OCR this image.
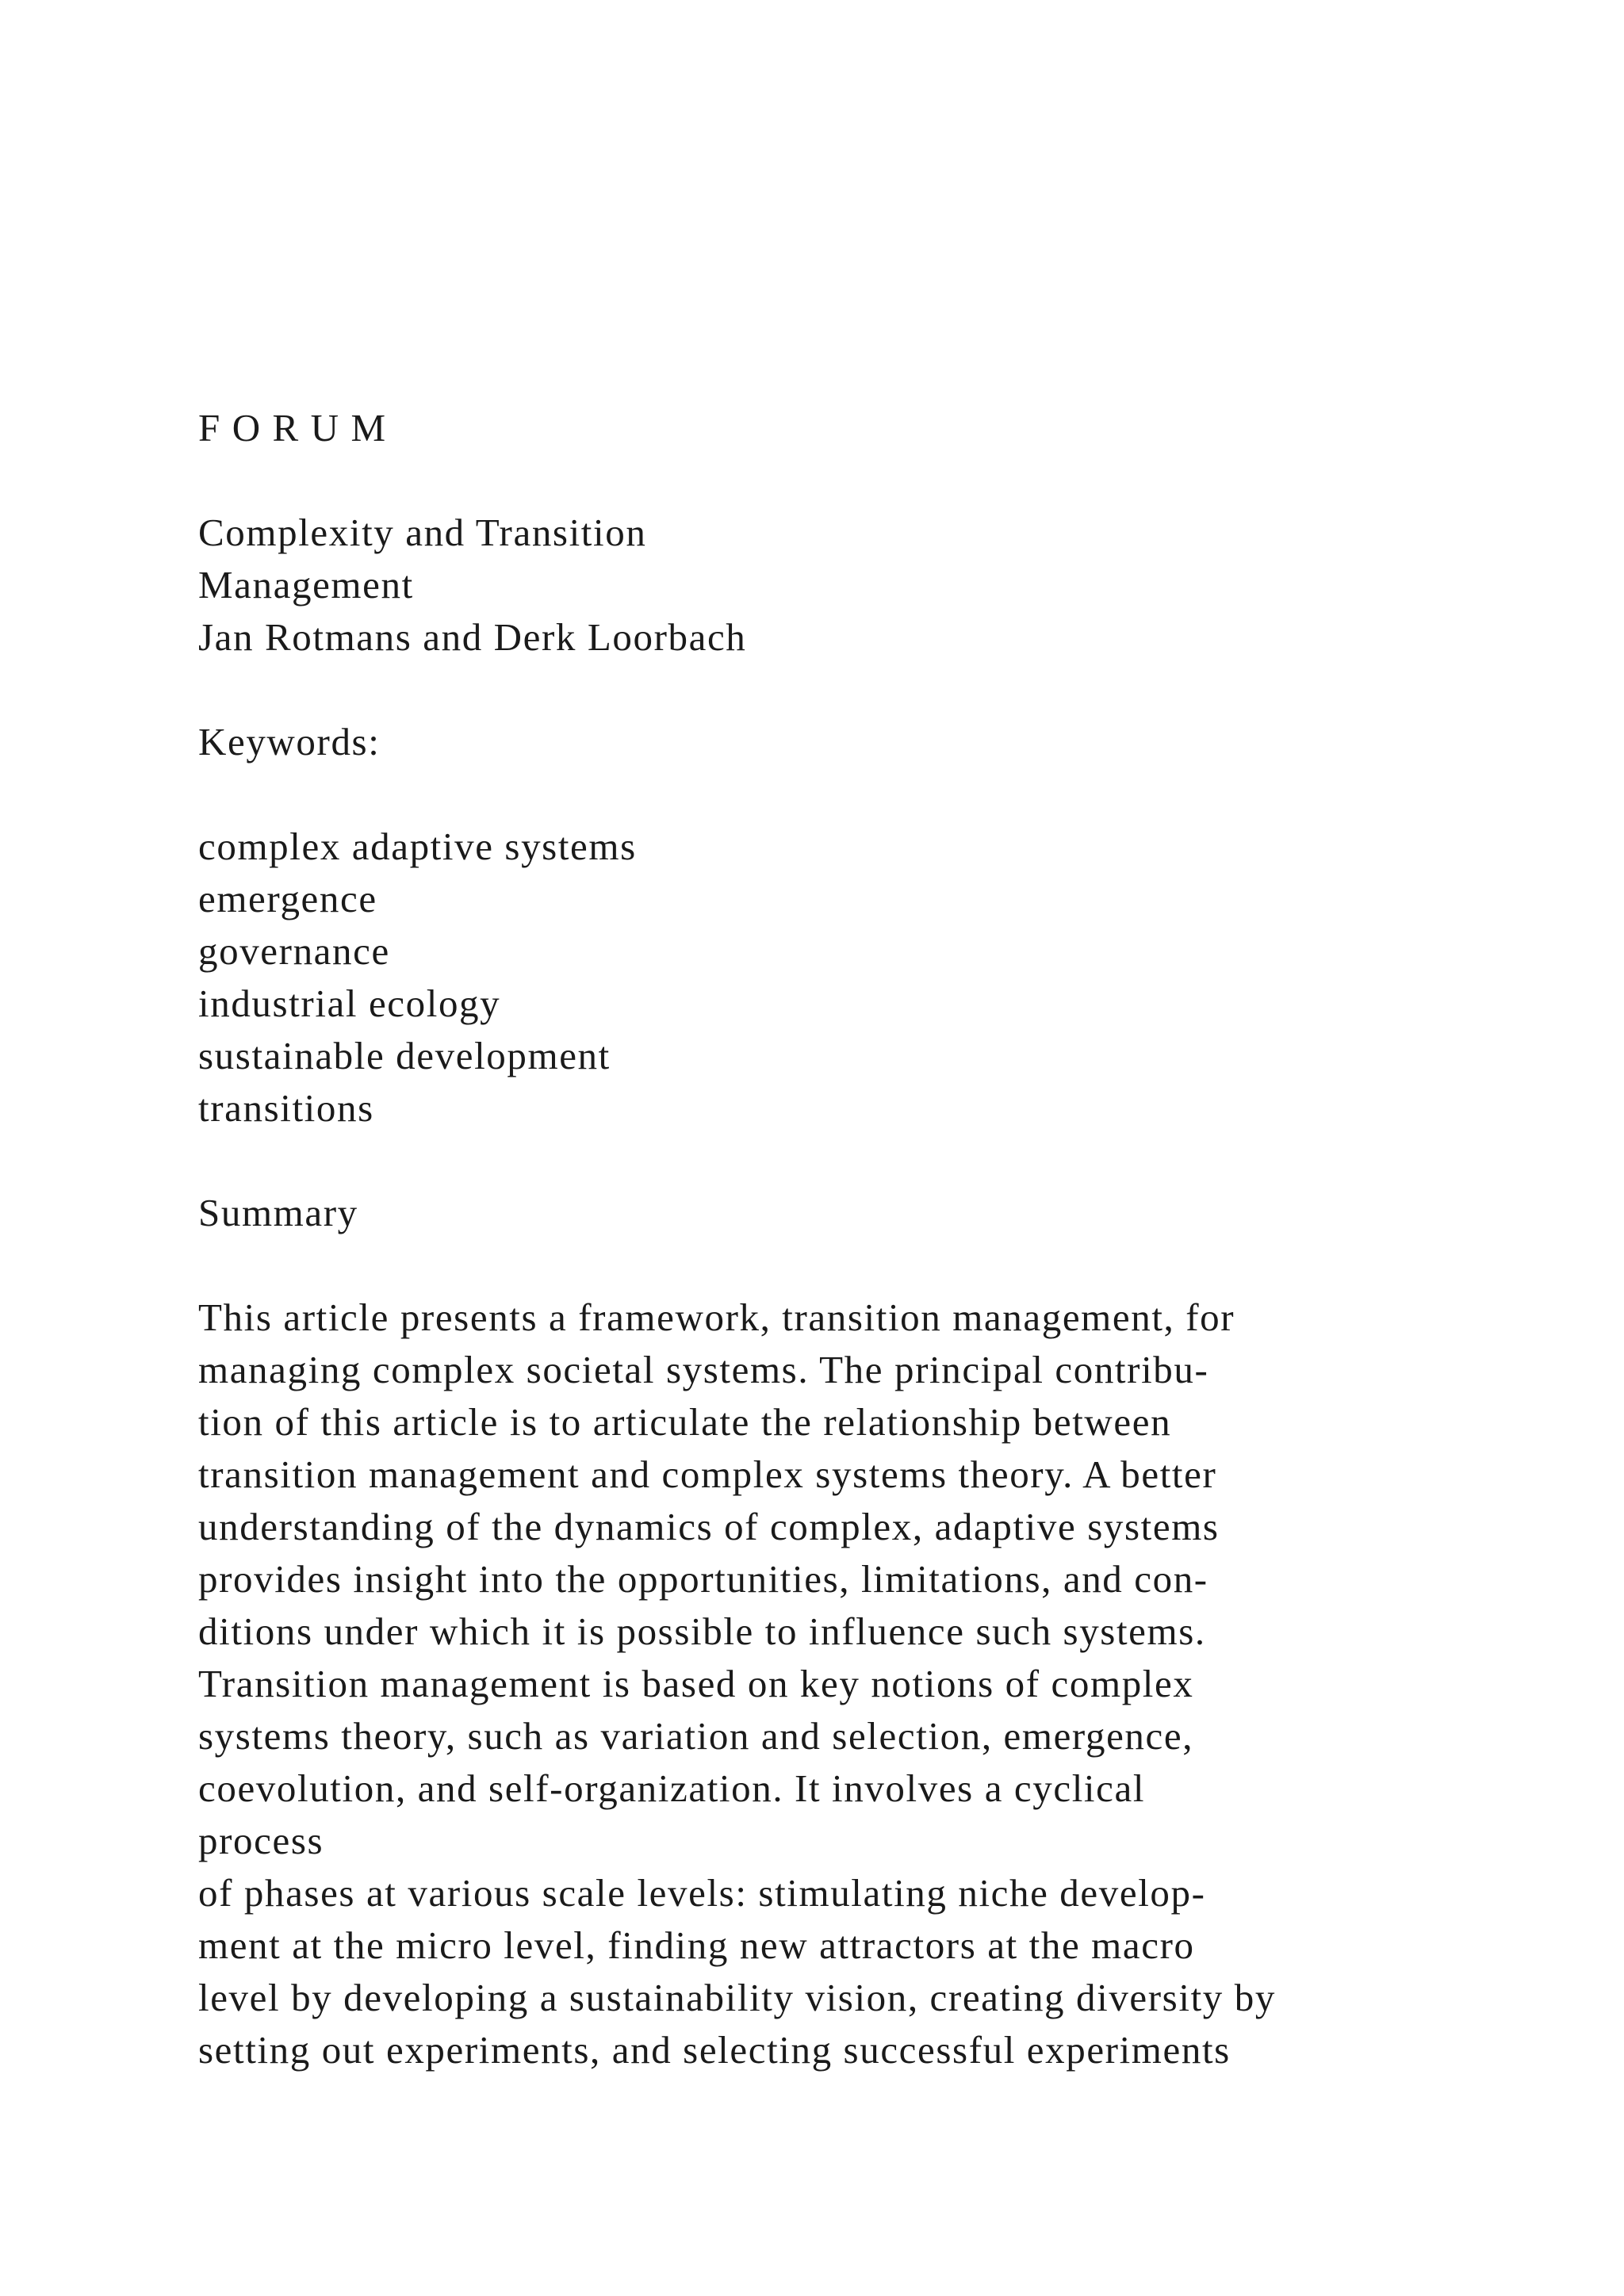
F O R U M
Complexity and Transition
Management
Jan Rotmans and Derk Loorbach
Keywords:
complex adaptive systems
emergence
governance
industrial ecology
sustainable development
transitions
Summary
This article presents a framework, transition management, for
managing complex societal systems. The principal contribu-
tion of this article is to articulate the relationship between
transition management and complex systems theory. A better
understanding of the dynamics of complex, adaptive systems
provides insight into the opportunities, limitations, and con-
ditions under which it is possible to influence such systems.
Transition management is based on key notions of complex
systems theory, such as variation and selection, emergence,
coevolution, and self-organization. It involves a cyclical
process
of phases at various scale levels: stimulating niche develop-
ment at the micro level, finding new attractors at the macro
level by developing a sustainability vision, creating diversity by
setting out experiments, and selecting successful experiments
